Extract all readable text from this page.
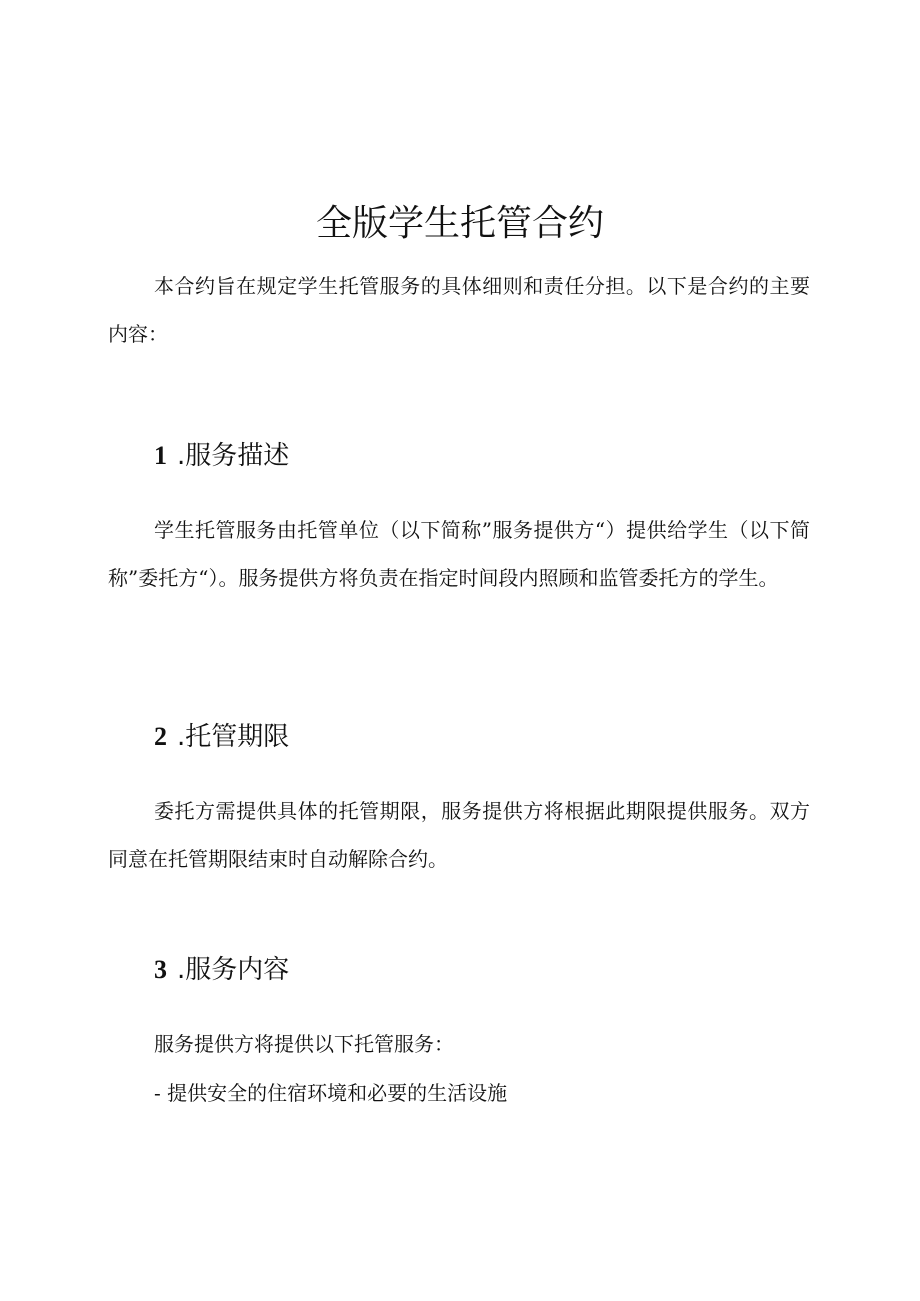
全版学生托管合约

本合约旨在规定学生托管服务的具体细则和责任分担。以下是合约的主要内容：

1 .服务描述

学生托管服务由托管单位（以下简称”服务提供方“）提供给学生（以下简称”委托方“）。服务提供方将负责在指定时间段内照顾和监管委托方的学生。

2 .托管期限

委托方需提供具体的托管期限，服务提供方将根据此期限提供服务。双方同意在托管期限结束时自动解除合约。

3 .服务内容

服务提供方将提供以下托管服务：

- 提供安全的住宿环境和必要的生活设施
